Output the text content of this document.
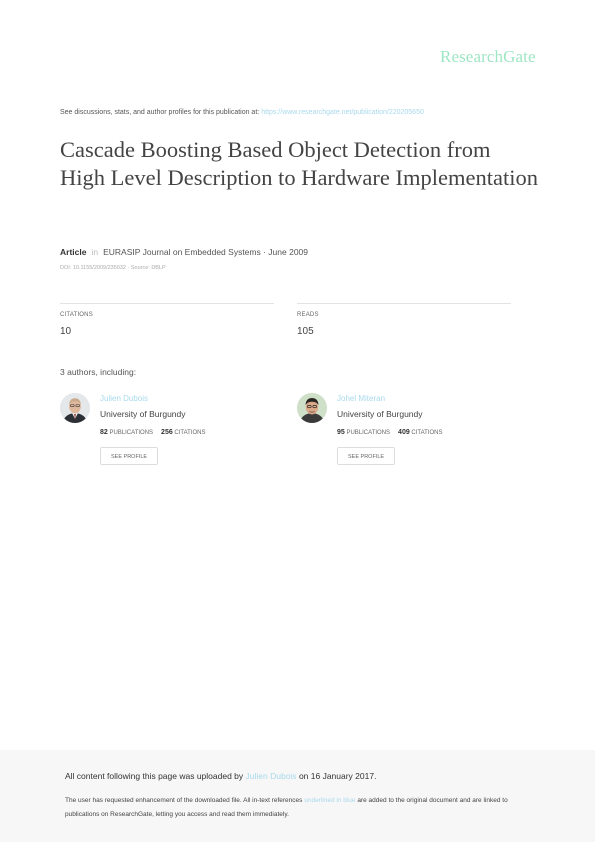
ResearchGate
See discussions, stats, and author profiles for this publication at: https://www.researchgate.net/publication/220205650
Cascade Boosting Based Object Detection from High Level Description to Hardware Implementation
Article in EURASIP Journal on Embedded Systems · June 2009
DOI: 10.1155/2009/235032 · Source: DBLP
CITATIONS
10
READS
105
3 authors, including:
Julien Dubois
University of Burgundy
82 PUBLICATIONS 256 CITATIONS
SEE PROFILE
Johel Miteran
University of Burgundy
95 PUBLICATIONS 409 CITATIONS
SEE PROFILE
All content following this page was uploaded by Julien Dubois on 16 January 2017.
The user has requested enhancement of the downloaded file. All in-text references underlined in blue are added to the original document and are linked to publications on ResearchGate, letting you access and read them immediately.
